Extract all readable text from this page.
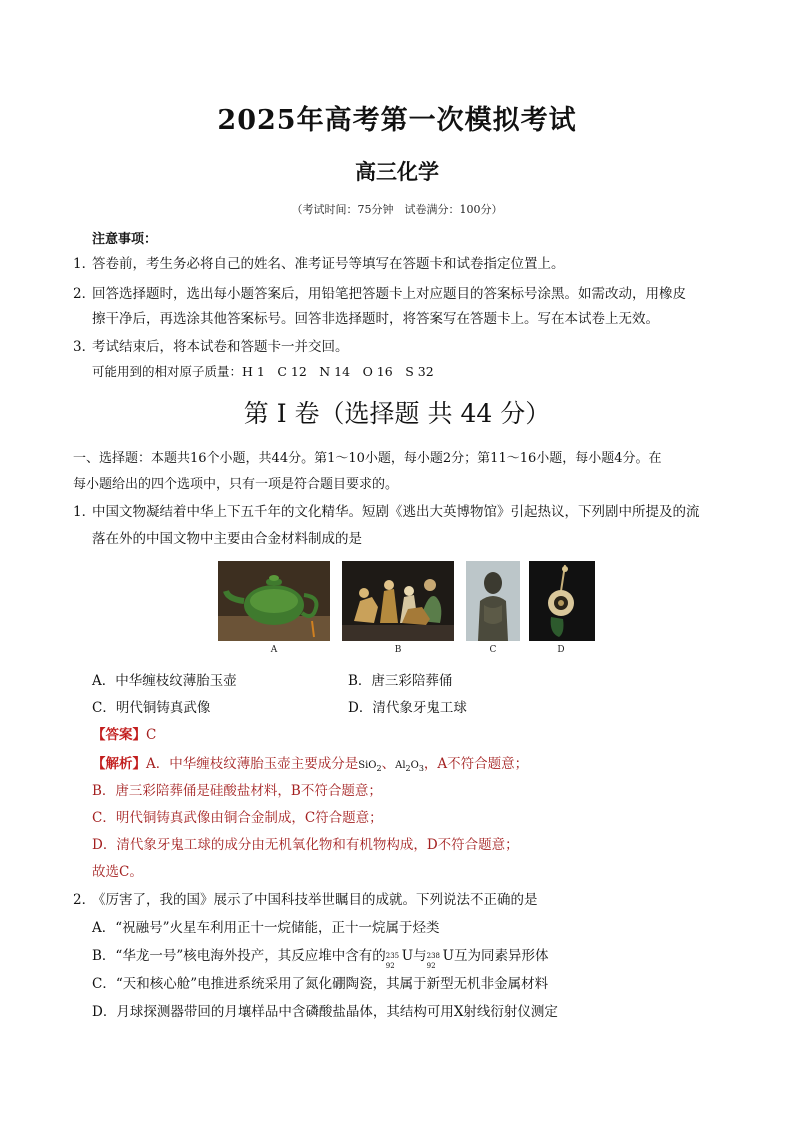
2025年高考第一次模拟考试
高三化学
（考试时间：75分钟　试卷满分：100分）
注意事项：
1．
答卷前，考生务必将自己的姓名、准考证号等填写在答题卡和试卷指定位置上。
2．
回答选择题时，选出每小题答案后，用铅笔把答题卡上对应题目的答案标号涂黑。如需改动，用橡皮
擦干净后，再选涂其他答案标号。回答非选择题时，将答案写在答题卡上。写在本试卷上无效。
3．
考试结束后，将本试卷和答题卡一并交回。
可能用到的相对原子质量：H 1　C 12　N 14　O 16　S 32
第 I 卷（选择题 共 44 分）
一、选择题：本题共16个小题，共44分。第1～10小题，每小题2分；第11～16小题，每小题4分。在
每小题给出的四个选项中，只有一项是符合题目要求的。
1．
中国文物凝结着中华上下五千年的文化精华。短剧《逃出大英博物馆》引起热议，下列剧中所提及的流
落在外的中国文物中主要由合金材料制成的是
A	B	C	D
A．中华缠枝纹薄胎玉壶	B．唐三彩陪葬俑
C．明代铜铸真武像	D．清代象牙鬼工球
【答案】C
【解析】A．中华缠枝纹薄胎玉壶主要成分是SiO$_2$、$Al_2O_3$，A不符合题意；
B．唐三彩陪葬俑是硅酸盐材料，B不符合题意；
C．明代铜铸真武像由铜合金制成，C符合题意；
D．清代象牙鬼工球的成分由无机氧化物和有机物构成，D不符合题意；
故选C。
2．
《厉害了，我的国》展示了中国科技举世瞩目的成就。下列说法不正确的是
A．“祝融号”火星车利用正十一烷储能，正十一烷属于烃类
B．“华龙一号”核电海外投产，其反应堆中含有的 235
92
U与 238
92
U互为同素异形体
C．“天和核心舱”电推进系统采用了氮化硼陶瓷，其属于新型无机非金属材料
D．月球探测器带回的月壤样品中含磷酸盐晶体，其结构可用X射线衍射仪测定
